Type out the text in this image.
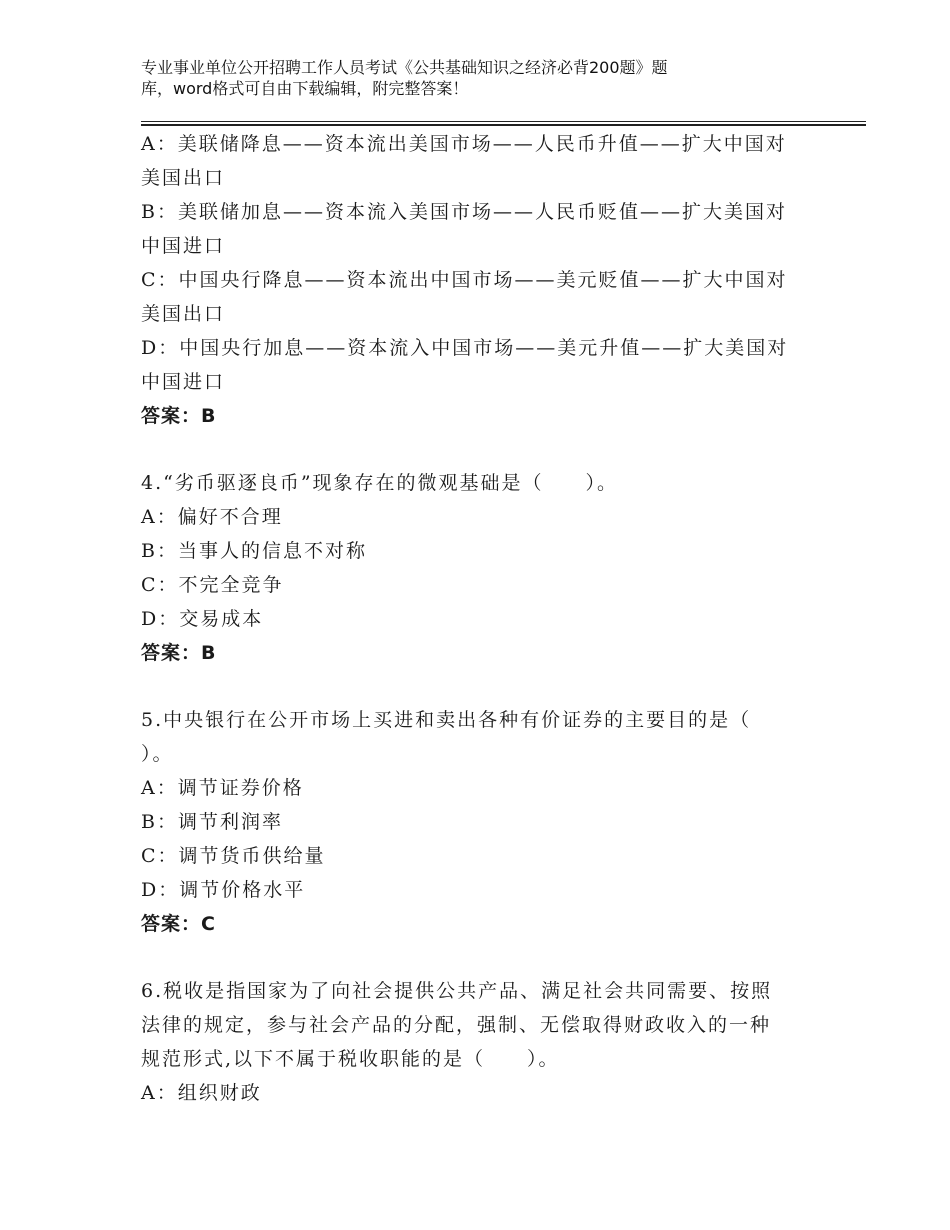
专业事业单位公开招聘工作人员考试《公共基础知识之经济必背200题》题
库，word格式可自由下载编辑，附完整答案！
A：美联储降息——资本流出美国市场——人民币升值——扩大中国对
美国出口
B：美联储加息——资本流入美国市场——人民币贬值——扩大美国对
中国进口
C：中国央行降息——资本流出中国市场——美元贬值——扩大中国对
美国出口
D：中国央行加息——资本流入中国市场——美元升值——扩大美国对
中国进口
答案：B
4.“劣币驱逐良币”现象存在的微观基础是（　　）。
A：偏好不合理
B：当事人的信息不对称
C：不完全竞争
D：交易成本
答案：B
5.中央银行在公开市场上买进和卖出各种有价证券的主要目的是（
）。
A：调节证券价格
B：调节利润率
C：调节货币供给量
D：调节价格水平
答案：C
6.税收是指国家为了向社会提供公共产品、满足社会共同需要、按照
法律的规定，参与社会产品的分配，强制、无偿取得财政收入的一种
规范形式,以下不属于税收职能的是（　　）。
A：组织财政
